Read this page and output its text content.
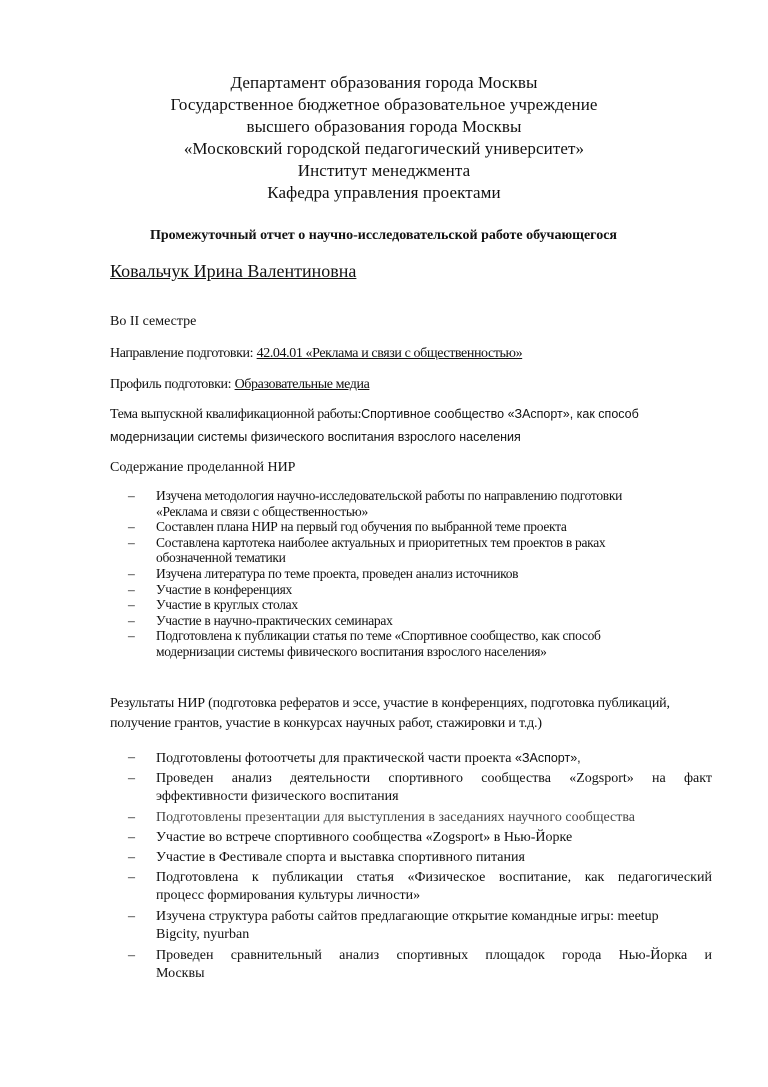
Департамент образования города Москвы
Государственное бюджетное образовательное учреждение
высшего образования города Москвы
«Московский городской педагогический университет»
Институт менеджмента
Кафедра управления проектами
Промежуточный отчет о научно-исследовательской работе обучающегося
Ковальчук Ирина Валентиновна
Во II семестре
Направление подготовки: 42.04.01 «Реклама и связи с общественностью»
Профиль подготовки: Образовательные медиа
Тема выпускной квалификационной работы:Спортивное сообщество «ЗАспорт», как способ
модернизации системы физического воспитания взрослого населения
Содержание проделанной НИР
– Изучена методология научно-исследовательской работы по направлению подготовки
«Реклама и связи с общественностью»
– Составлен плана НИР на первый год обучения по выбранной теме проекта
– Составлена картотека наиболее актуальных и приоритетных тем проектов в раках
обозначенной тематики
– Изучена литература по теме проекта, проведен анализ источников
– Участие в конференциях
– Участие в круглых столах
– Участие в научно-практических семинарах
– Подготовлена к публикации статья по теме «Спортивное сообщество, как способ
модернизации системы фивического воспитания взрослого населения»
Результаты НИР (подготовка рефератов и эссе, участие в конференциях, подготовка публикаций,
получение грантов, участие в конкурсах научных работ, стажировки и т.д.)
– Подготовлены фотоотчеты для практической части проекта «ЗАспорт»,
– Проведен анализ деятельности спортивного сообщества «Zogsport» на факт
эффективности физического воспитания
– Подготовлены презентации для выступления в заседаниях научного сообщества
– Участие во встрече спортивного сообщества «Zogsport» в Нью-Йорке
– Участие в Фестивале спорта и выставка спортивного питания
– Подготовлена к публикации статья «Физическое воспитание, как педагогический
процесс формирования культуры личности»
– Изучена структура работы сайтов предлагающие открытие командные игры: meetup
Bigcity, nyurban
– Проведен сравнительный анализ спортивных площадок города Нью-Йорка и
Москвы
